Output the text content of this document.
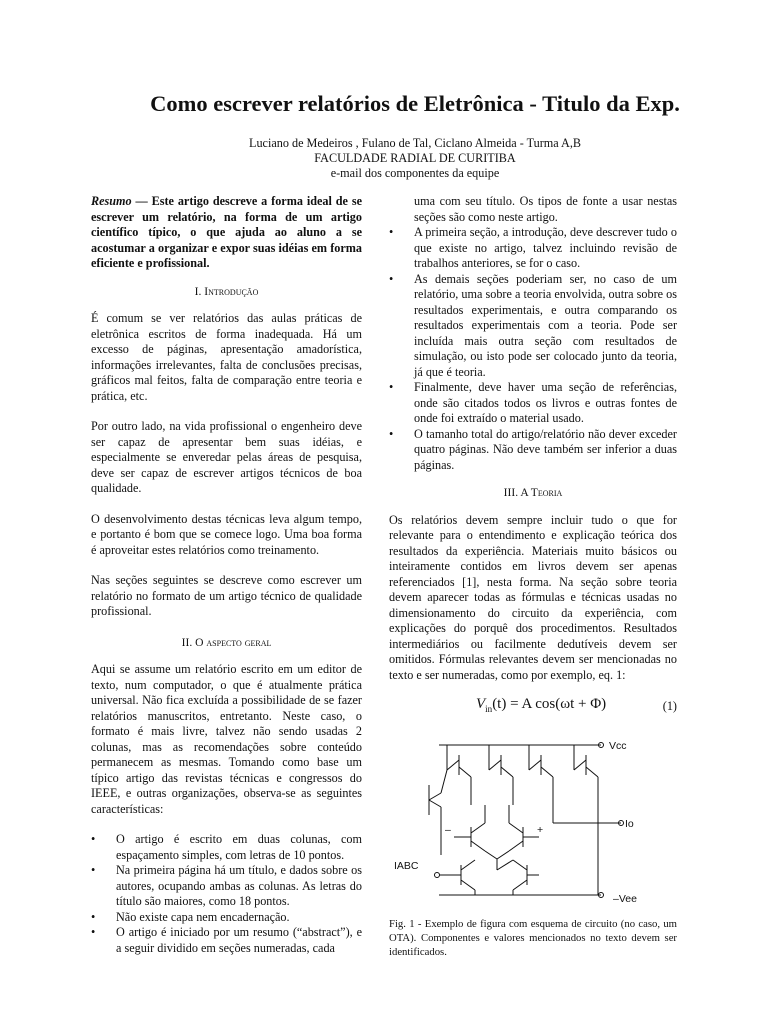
Como escrever relatórios de Eletrônica - Titulo da Exp.
Luciano de Medeiros , Fulano de Tal, Ciclano Almeida - Turma A,B
FACULDADE RADIAL DE CURITIBA
e-mail dos componentes da equipe
Resumo — Este artigo descreve a forma ideal de se escrever um relatório, na forma de um artigo científico típico, o que ajuda ao aluno a se acostumar a organizar e expor suas idéias em forma eficiente e profissional.
I. Introdução

É comum se ver relatórios das aulas práticas de eletrônica escritos de forma inadequada. Há um excesso de páginas, apresentação amadorística, informações irrelevantes, falta de conclusões precisas, gráficos mal feitos, falta de comparação entre teoria e prática, etc.

Por outro lado, na vida profissional o engenheiro deve ser capaz de apresentar bem suas idéias, e especialmente se enveredar pelas áreas de pesquisa, deve ser capaz de escrever artigos técnicos de boa qualidade.

O desenvolvimento destas técnicas leva algum tempo, e portanto é bom que se comece logo. Uma boa forma é aproveitar estes relatórios como treinamento.

Nas seções seguintes se descreve como escrever um relatório no formato de um artigo técnico de qualidade profissional.

II. O aspecto geral

Aqui se assume um relatório escrito em um editor de texto, num computador, o que é atualmente prática universal. Não fica excluída a possibilidade de se fazer relatórios manuscritos, entretanto. Neste caso, o formato é mais livre, talvez não sendo usadas 2 colunas, mas as recomendações sobre conteúdo permanecem as mesmas. Tomando como base um típico artigo das revistas técnicas e congressos do IEEE, e outras organizações, observa-se as seguintes características:

• O artigo é escrito em duas colunas, com espaçamento simples, com letras de 10 pontos.
• Na primeira página há um título, e dados sobre os autores, ocupando ambas as colunas. As letras do título são maiores, como 18 pontos.
• Não existe capa nem encadernação.
• O artigo é iniciado por um resumo (“abstract”), e a seguir dividido em seções numeradas, cada
uma com seu título. Os tipos de fonte a usar nestas seções são como neste artigo.
• A primeira seção, a introdução, deve descrever tudo o que existe no artigo, talvez incluindo revisão de trabalhos anteriores, se for o caso.
• As demais seções poderiam ser, no caso de um relatório, uma sobre a teoria envolvida, outra sobre os resultados experimentais, e outra comparando os resultados experimentais com a teoria. Pode ser incluída mais outra seção com resultados de simulação, ou isto pode ser colocado junto da teoria, já que é teoria.
• Finalmente, deve haver uma seção de referências, onde são citados todos os livros e outras fontes de onde foi extraído o material usado.
• O tamanho total do artigo/relatório não dever exceder quatro páginas. Não deve também ser inferior a duas páginas.
III. A Teoria

Os relatórios devem sempre incluir tudo o que for relevante para o entendimento e explicação teórica dos resultados da experiência. Materiais muito básicos ou inteiramente contidos em livros devem ser apenas referenciados [1], nesta forma. Na seção sobre teoria devem aparecer todas as fórmulas e técnicas usadas no dimensionamento do circuito da experiência, com explicações do porquê dos procedimentos. Resultados intermediários ou facilmente dedutíveis devem ser omitidos. Fórmulas relevantes devem ser mencionadas no texto e ser numeradas, como por exemplo, eq. 1:

$V_{in}(t) = A$ cos(ωt + Φ)	(1)
Vcc
Io
IABC
–Vee
–	+
Fig. 1 - Exemplo de figura com esquema de circuito (no caso, um OTA). Componentes e valores mencionados no texto devem ser identificados.
